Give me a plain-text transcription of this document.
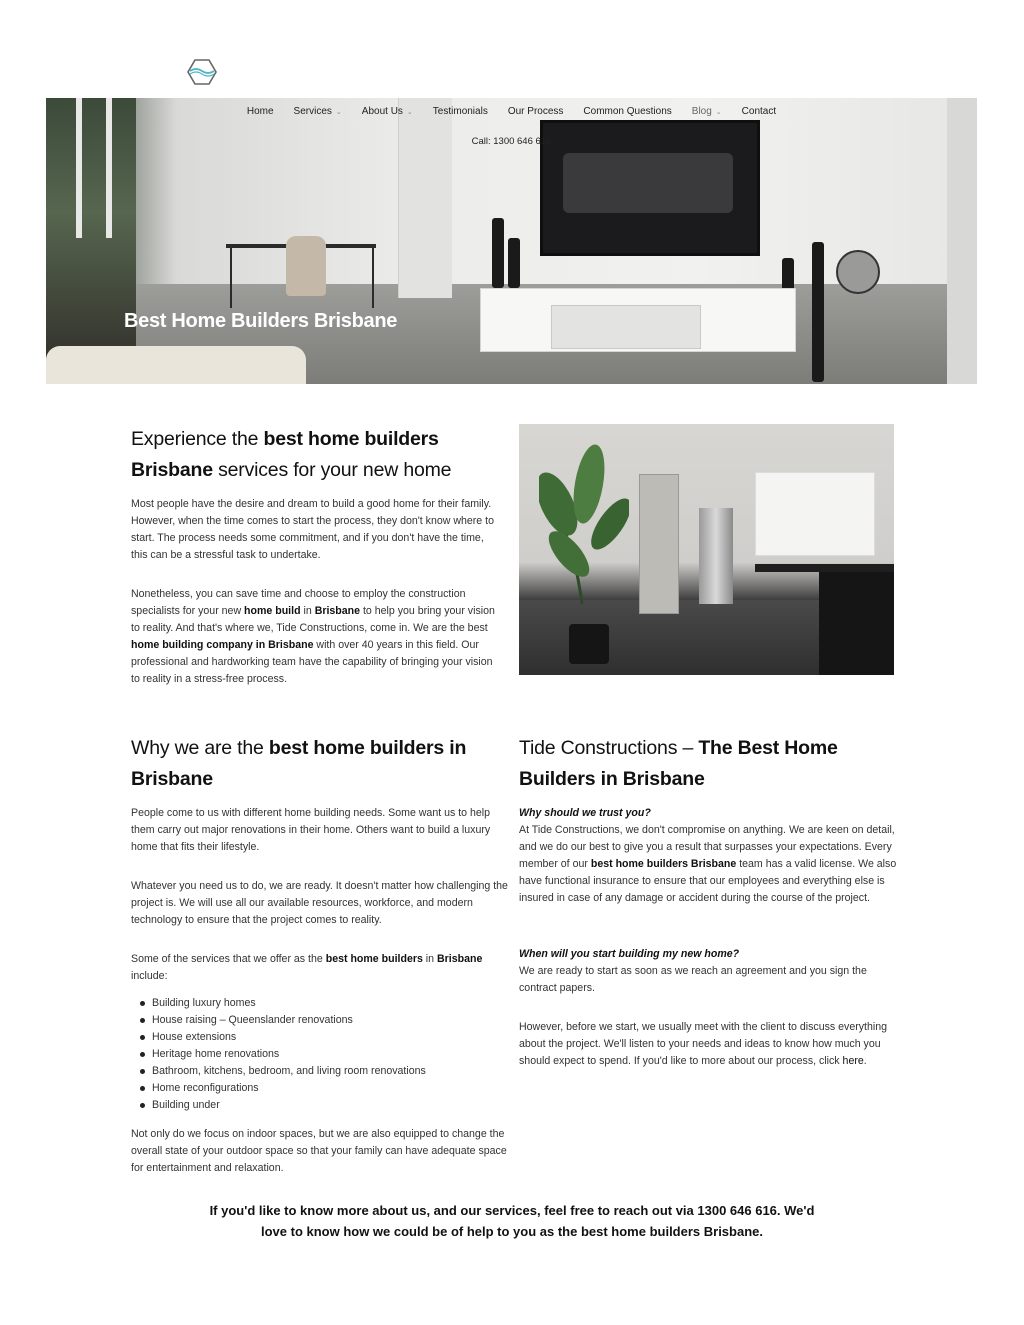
Home	Services ⌄	About Us ⌄	Testimonials	Our Process	Common Questions	Blog ⌄	Contact
Call: 1300 646 616
Best Home Builders Brisbane
Experience the best home builders Brisbane services for your new home

Most people have the desire and dream to build a good home for their family. However, when the time comes to start the process, they don't know where to start. The process needs some commitment, and if you don't have the time, this can be a stressful task to undertake.

Nonetheless, you can save time and choose to employ the construction specialists for your new home build in Brisbane to help you bring your vision to reality. And that's where we, Tide Constructions, come in. We are the best home building company in Brisbane with over 40 years in this field. Our professional and hardworking team have the capability of bringing your vision to reality in a stress-free process.

Why we are the best home builders in Brisbane

People come to us with different home building needs. Some want us to help them carry out major renovations in their home. Others want to build a luxury home that fits their lifestyle.

Whatever you need us to do, we are ready. It doesn't matter how challenging the project is. We will use all our available resources, workforce, and modern technology to ensure that the project comes to reality.

Some of the services that we offer as the best home builders in Brisbane include:

Building luxury homes
House raising – Queenslander renovations
House extensions
Heritage home renovations
Bathroom, kitchens, bedroom, and living room renovations
Home reconfigurations
Building under

Not only do we focus on indoor spaces, but we are also equipped to change the overall state of your outdoor space so that your family can have adequate space for entertainment and relaxation.

Tide Constructions – The Best Home Builders in Brisbane
Why should we trust you?

At Tide Constructions, we don't compromise on anything. We are keen on detail, and we do our best to give you a result that surpasses your expectations. Every member of our best home builders Brisbane team has a valid license. We also have functional insurance to ensure that our employees and everything else is insured in case of any damage or accident during the course of the project.

When will you start building my new home?

We are ready to start as soon as we reach an agreement and you sign the contract papers.

However, before we start, we usually meet with the client to discuss everything about the project. We'll listen to your needs and ideas to know how much you should expect to spend. If you'd like to more about our process, click here.

If you'd like to know more about us, and our services, feel free to reach out via 1300 646 616. We'd love to know how we could be of help to you as the best home builders Brisbane.
